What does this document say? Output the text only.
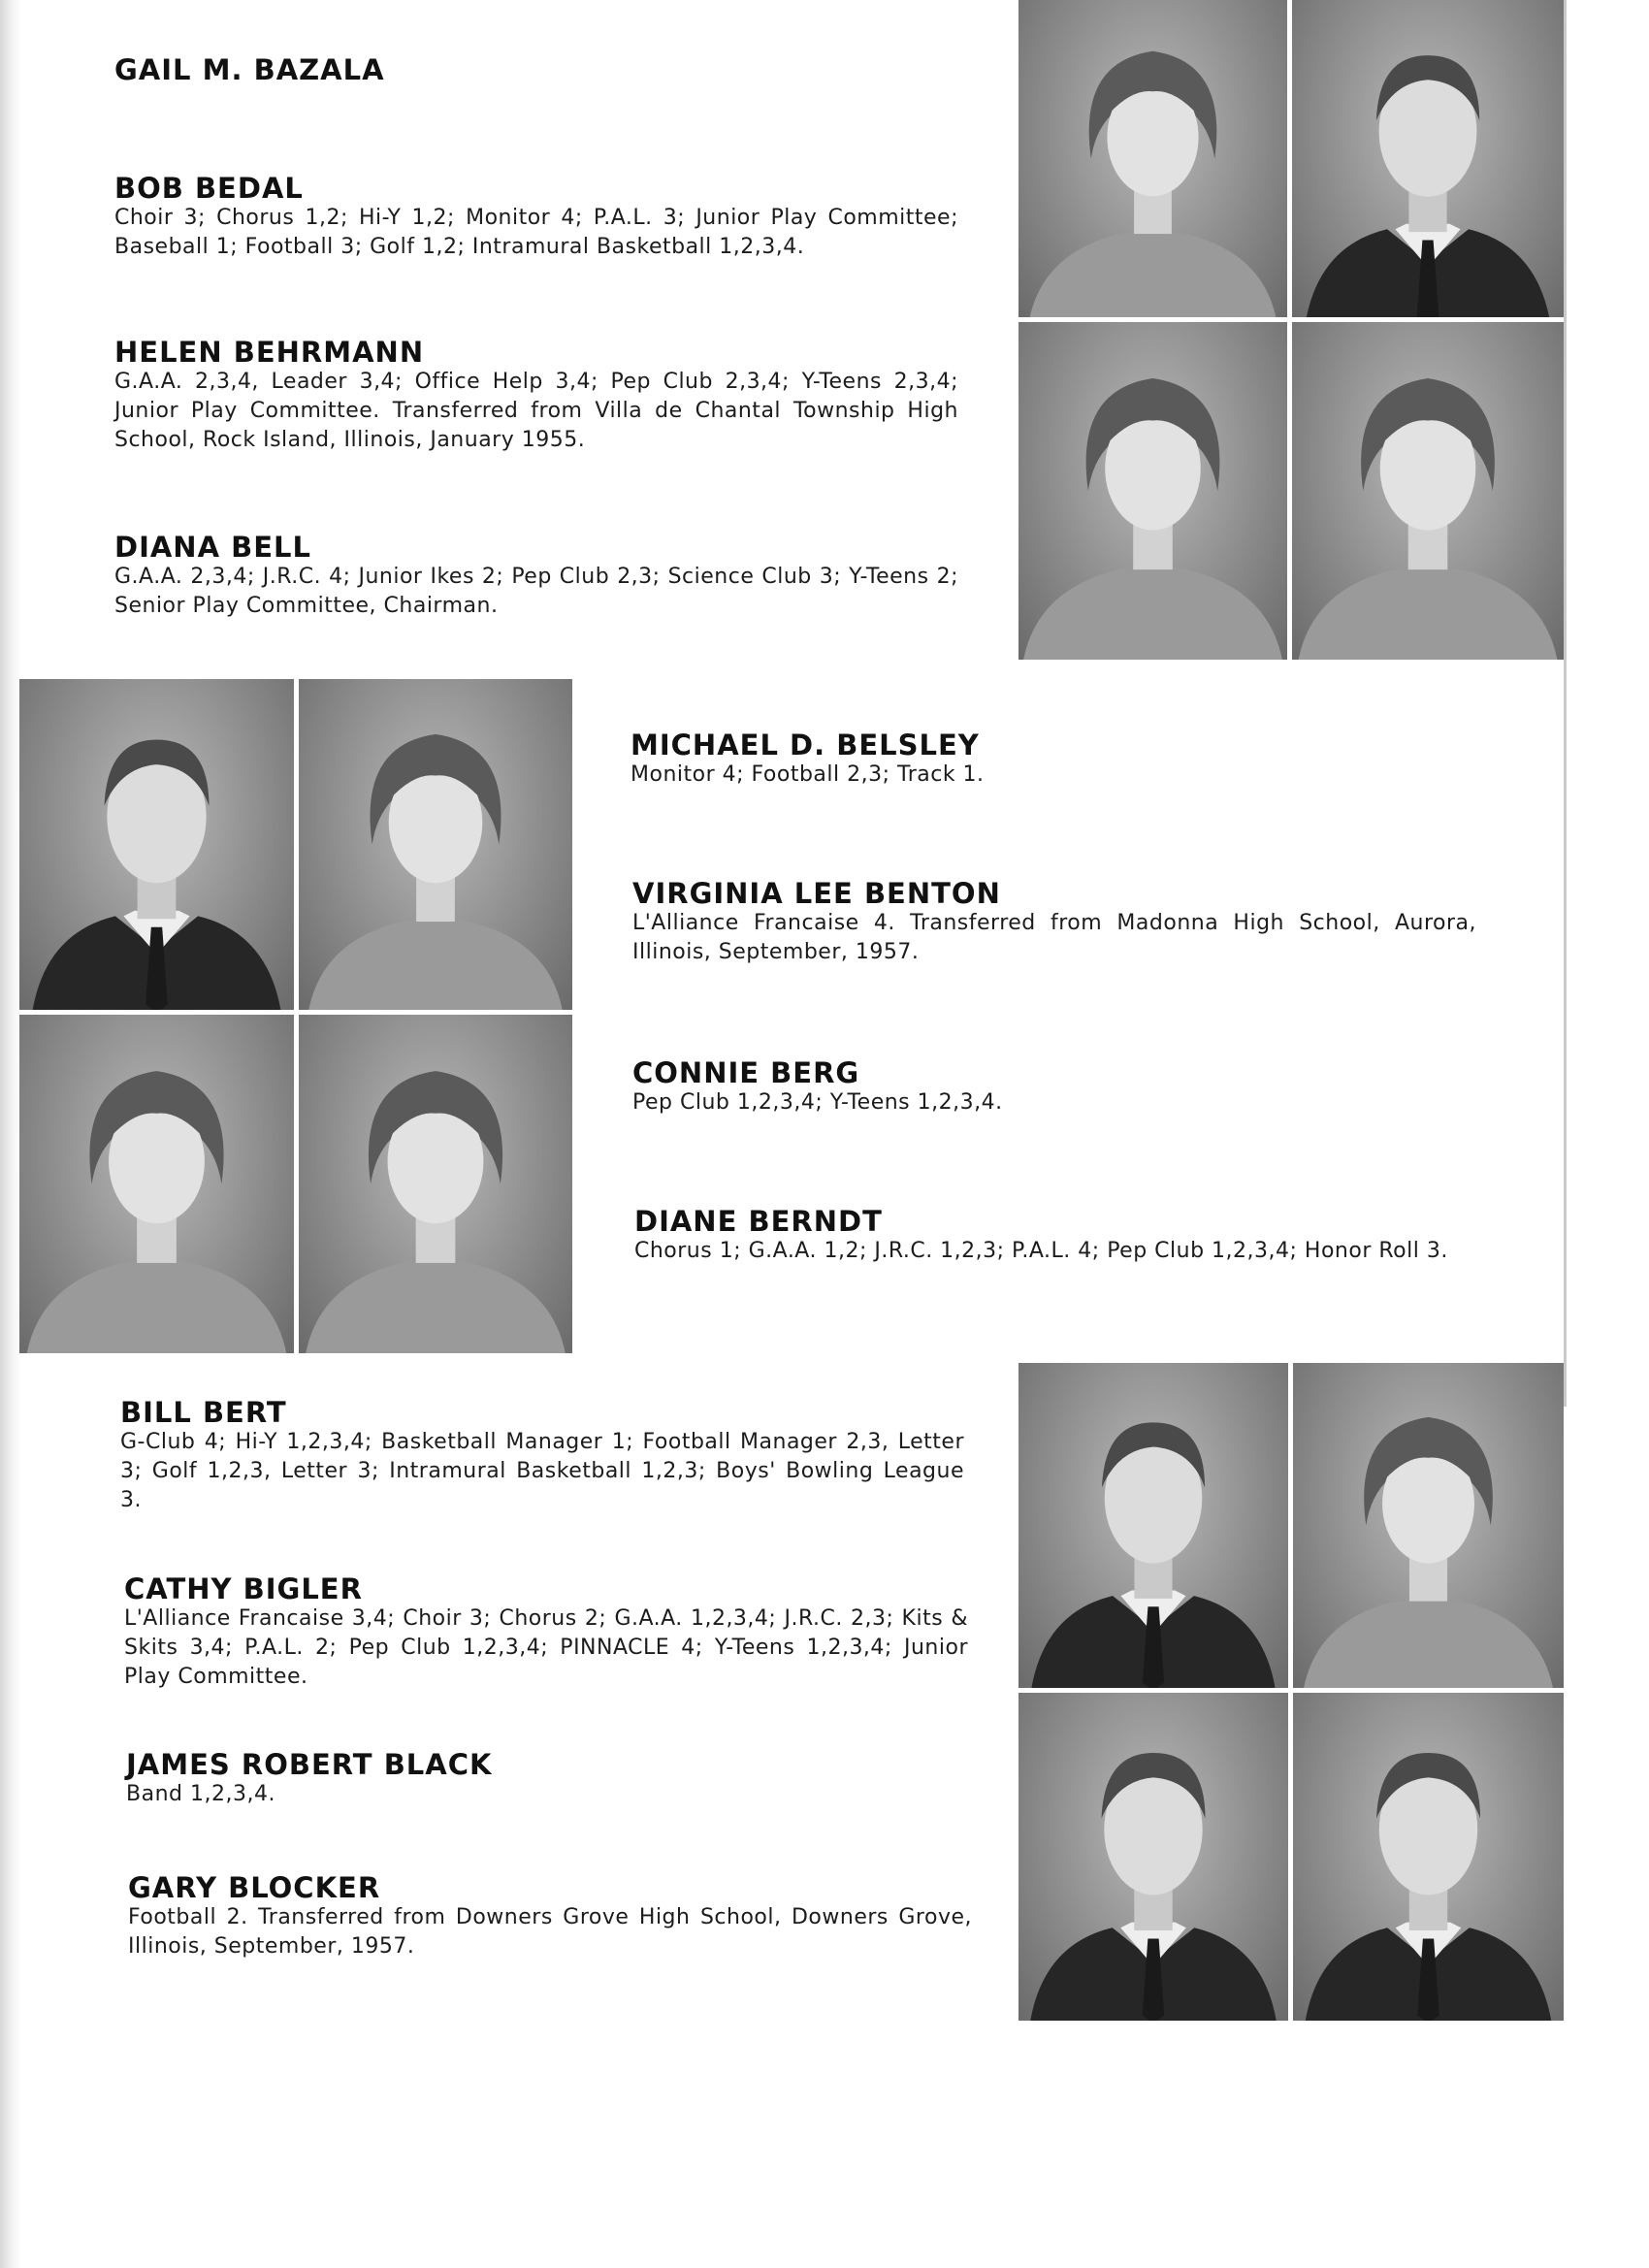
GAIL M. BAZALA
BOB BEDAL
Choir 3; Chorus 1,2; Hi-Y 1,2; Monitor 4; P.A.L. 3; Junior Play Committee; Baseball 1; Football 3; Golf 1,2; Intramural Basketball 1,2,3,4.
HELEN BEHRMANN
G.A.A. 2,3,4, Leader 3,4; Office Help 3,4; Pep Club 2,3,4; Y-Teens 2,3,4; Junior Play Committee. Transferred from Villa de Chantal Township High School, Rock Island, Illinois, January 1955.
DIANA BELL
G.A.A. 2,3,4; J.R.C. 4; Junior Ikes 2; Pep Club 2,3; Science Club 3; Y-Teens 2; Senior Play Committee, Chairman.
MICHAEL D. BELSLEY
Monitor 4; Football 2,3; Track 1.
VIRGINIA LEE BENTON
L'Alliance Francaise 4. Transferred from Madonna High School, Aurora, Illinois, September, 1957.
CONNIE BERG
Pep Club 1,2,3,4; Y-Teens 1,2,3,4.
DIANE BERNDT
Chorus 1; G.A.A. 1,2; J.R.C. 1,2,3; P.A.L. 4; Pep Club 1,2,3,4; Honor Roll 3.
BILL BERT
G-Club 4; Hi-Y 1,2,3,4; Basketball Manager 1; Football Manager 2,3, Letter 3; Golf 1,2,3, Letter 3; Intramural Basketball 1,2,3; Boys' Bowling League 3.
CATHY BIGLER
L'Alliance Francaise 3,4; Choir 3; Chorus 2; G.A.A. 1,2,3,4; J.R.C. 2,3; Kits & Skits 3,4; P.A.L. 2; Pep Club 1,2,3,4; PINNACLE 4; Y-Teens 1,2,3,4; Junior Play Committee.
JAMES ROBERT BLACK
Band 1,2,3,4.
GARY BLOCKER
Football 2. Transferred from Downers Grove High School, Downers Grove, Illinois, September, 1957.
